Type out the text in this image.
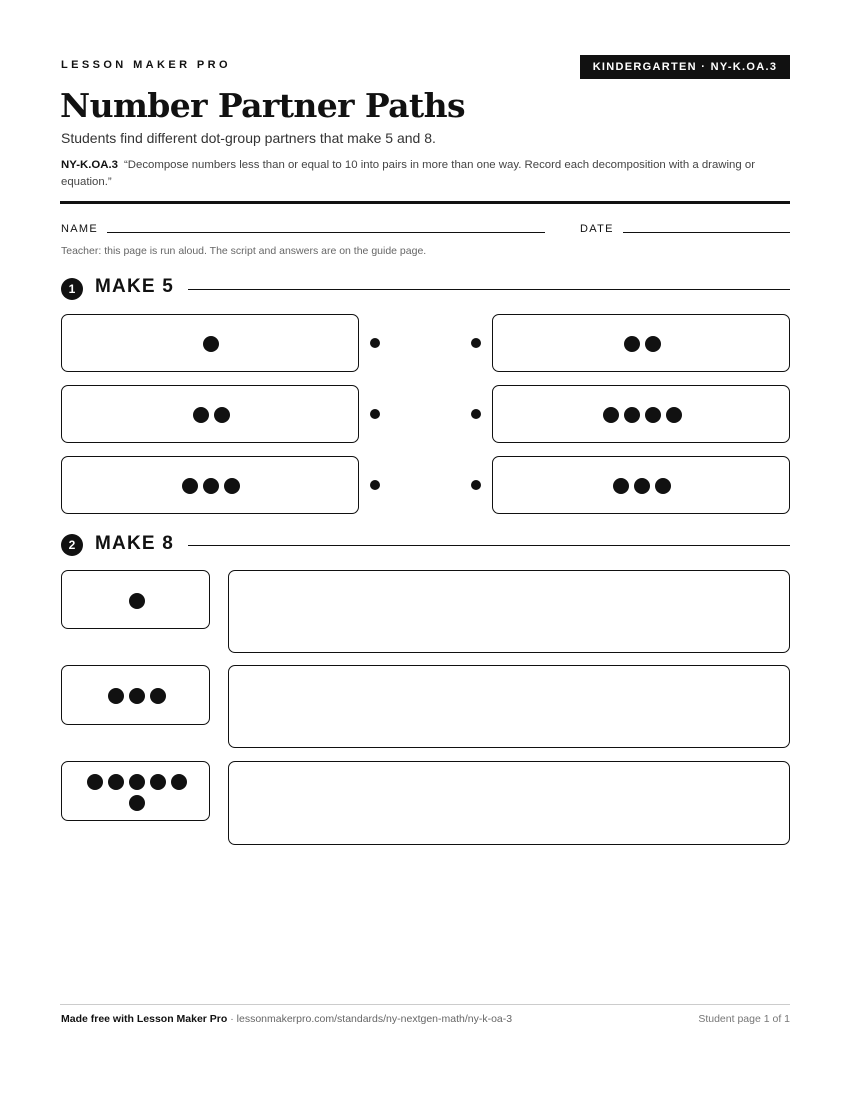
LESSON MAKER PRO	KINDERGARTEN · NY-K.OA.3
Number Partner Paths

Students find different dot-group partners that make 5 and 8.

NY-K.OA.3 “Decompose numbers less than or equal to 10 into pairs in more than one way. Record each decomposition with a drawing or equation.”

NAME	DATE
Teacher: this page is run aloud. The script and answers are on the guide page.
1	MAKE 5
2	MAKE 8
Made free with Lesson Maker Pro · lessonmakerpro.com/standards/ny-nextgen-math/ny-k-oa-3	Student page 1 of 1
